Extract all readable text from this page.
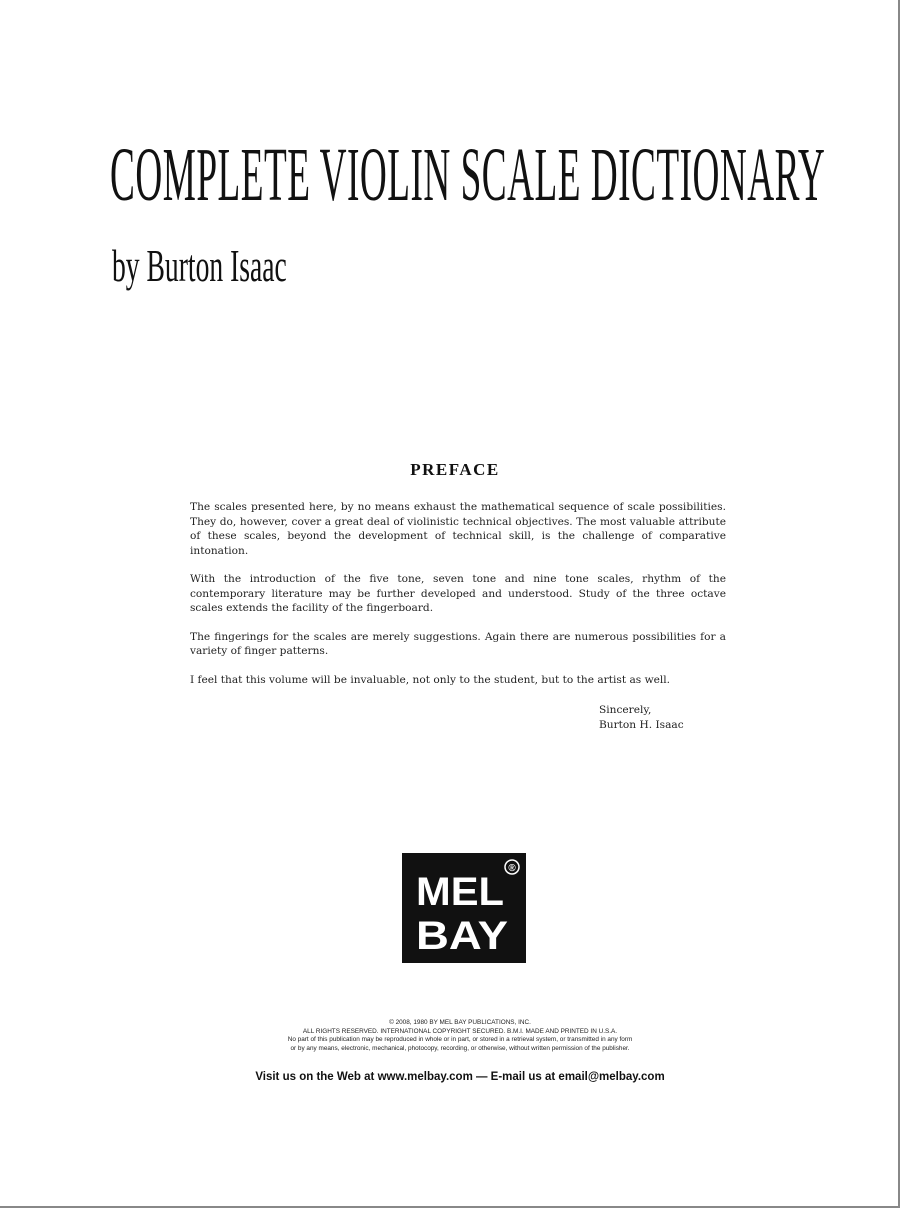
COMPLETE VIOLIN SCALE DICTIONARY
by Burton Isaac
PREFACE

The scales presented here, by no means exhaust the mathematical sequence of scale possibilities. They do, however, cover a great deal of violinistic technical objectives. The most valuable attribute of these scales, beyond the development of technical skill, is the challenge of comparative intonation.

With the introduction of the five tone, seven tone and nine tone scales, rhythm of the contemporary literature may be further developed and understood. Study of the three octave scales extends the facility of the fingerboard.

The fingerings for the scales are merely suggestions. Again there are numerous possibilities for a variety of finger patterns.

I feel that this volume will be invaluable, not only to the student, but to the artist as well.

Sincerely,
Burton H. Isaac
MEL
BAY
®
© 2008, 1980 BY MEL BAY PUBLICATIONS, INC.
ALL RIGHTS RESERVED. INTERNATIONAL COPYRIGHT SECURED. B.M.I. MADE AND PRINTED IN U.S.A.
No part of this publication may be reproduced in whole or in part, or stored in a retrieval system, or transmitted in any form
or by any means, electronic, mechanical, photocopy, recording, or otherwise, without written permission of the publisher.
Visit us on the Web at www.melbay.com — E-mail us at email@melbay.com
